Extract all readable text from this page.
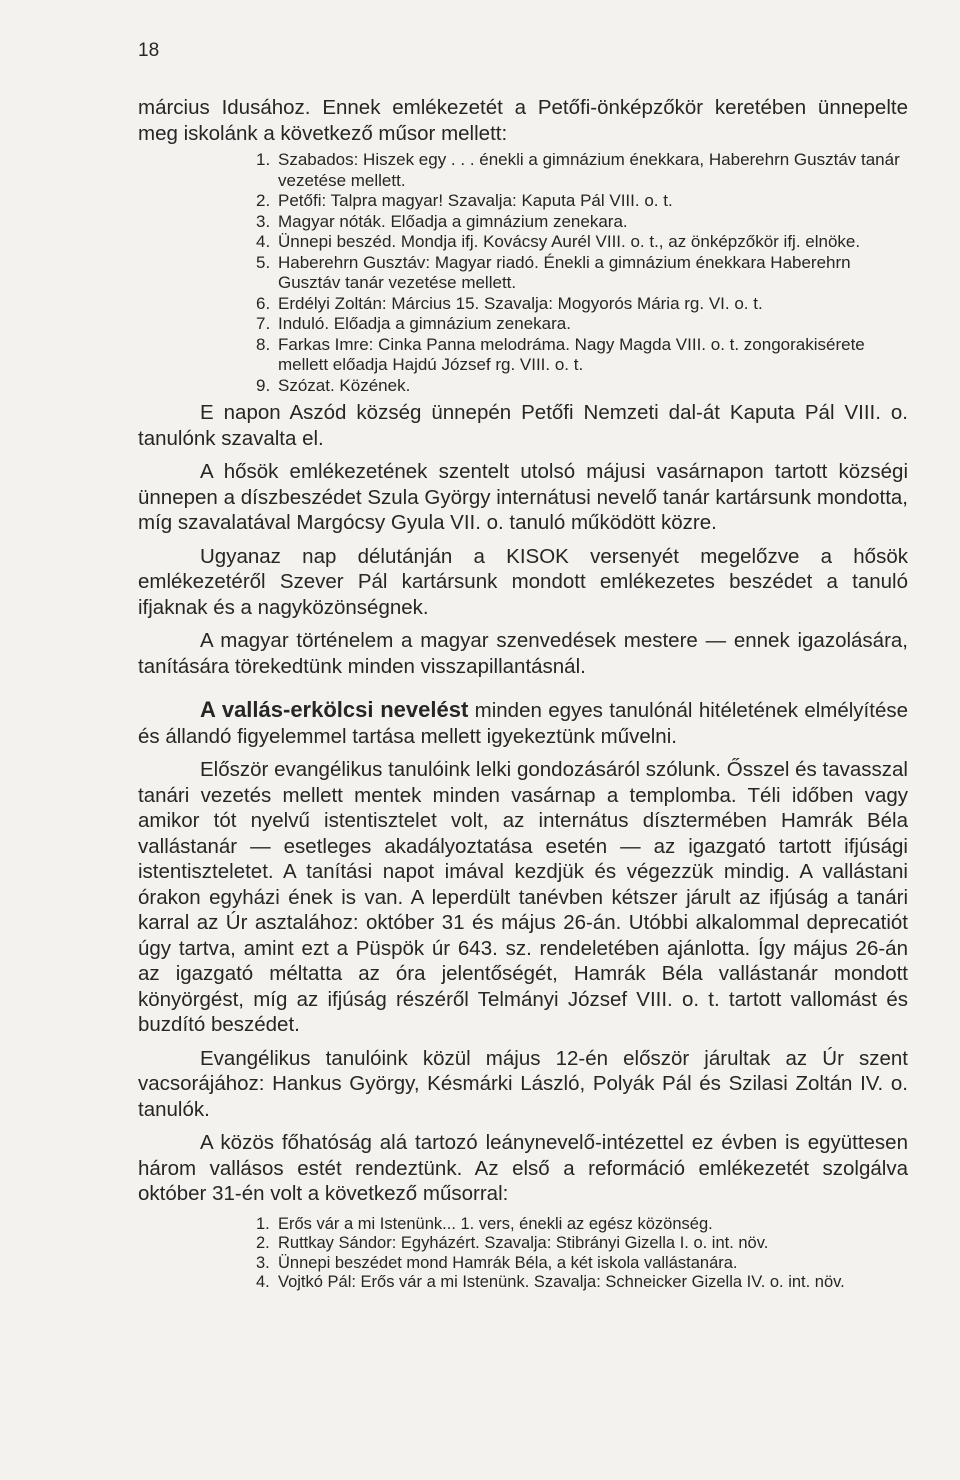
18

március Idusához. Ennek emlékezetét a Petőfi-önképzőkör keretében ünnepelte meg iskolánk a következő műsor mellett:

1. Szabados: Hiszek egy . . . énekli a gimnázium énekkara, Haberehrn Gusztáv tanár vezetése mellett.
2. Petőfi: Talpra magyar! Szavalja: Kaputa Pál VIII. o. t.
3. Magyar nóták. Előadja a gimnázium zenekara.
4. Ünnepi beszéd. Mondja ifj. Kovácsy Aurél VIII. o. t., az önképzőkör ifj. elnöke.
5. Haberehrn Gusztáv: Magyar riadó. Énekli a gimnázium énekkara Haberehrn Gusztáv tanár vezetése mellett.
6. Erdélyi Zoltán: Március 15. Szavalja: Mogyorós Mária rg. VI. o. t.
7. Induló. Előadja a gimnázium zenekara.
8. Farkas Imre: Cinka Panna melodráma. Nagy Magda VIII. o. t. zongorakisérete mellett előadja Hajdú József rg. VIII. o. t.
9. Szózat. Közének.

E napon Aszód község ünnepén Petőfi Nemzeti dal-át Kaputa Pál VIII. o. tanulónk szavalta el.

A hősök emlékezetének szentelt utolsó májusi vasárnapon tartott községi ünnepen a díszbeszédet Szula György internátusi nevelő tanár kartársunk mondotta, míg szavalatával Margócsy Gyula VII. o. tanuló működött közre.

Ugyanaz nap délutánján a KISOK versenyét megelőzve a hősök emlékezetéről Szever Pál kartársunk mondott emlékezetes beszédet a tanuló ifjaknak és a nagyközönségnek.

A magyar történelem a magyar szenvedések mestere — ennek igazolására, tanítására törekedtünk minden visszapillantásnál.

A vallás-erkölcsi nevelést minden egyes tanulónál hitéletének elmélyítése és állandó figyelemmel tartása mellett igyekeztünk művelni.

Először evangélikus tanulóink lelki gondozásáról szólunk. Ősszel és tavasszal tanári vezetés mellett mentek minden vasárnap a templomba. Téli időben vagy amikor tót nyelvű istentisztelet volt, az internátus dísztermében Hamrák Béla vallástanár — esetleges akadályoztatása esetén — az igazgató tartott ifjúsági istentiszteletet. A tanítási napot imával kezdjük és végezzük mindig. A vallástani órakon egyházi ének is van. A leperdült tanévben kétszer járult az ifjúság a tanári karral az Úr asztalához: október 31 és május 26-án. Utóbbi alkalommal deprecatiót úgy tartva, amint ezt a Püspök úr 643. sz. rendeletében ajánlotta. Így május 26-án az igazgató méltatta az óra jelentőségét, Hamrák Béla vallástanár mondott könyörgést, míg az ifjúság részéről Telmányi József VIII. o. t. tartott vallomást és buzdító beszédet.

Evangélikus tanulóink közül május 12-én először járultak az Úr szent vacsorájához: Hankus György, Késmárki László, Polyák Pál és Szilasi Zoltán IV. o. tanulók.

A közös főhatóság alá tartozó leánynevelő-intézettel ez évben is együttesen három vallásos estét rendeztünk. Az első a reformáció emlékezetét szolgálva október 31-én volt a következő műsorral:

1. Erős vár a mi Istenünk... 1. vers, énekli az egész közönség.
2. Ruttkay Sándor: Egyházért. Szavalja: Stibrányi Gizella I. o. int. növ.
3. Ünnepi beszédet mond Hamrák Béla, a két iskola vallástanára.
4. Vojtkó Pál: Erős vár a mi Istenünk. Szavalja: Schneicker Gizella IV. o. int. növ.
